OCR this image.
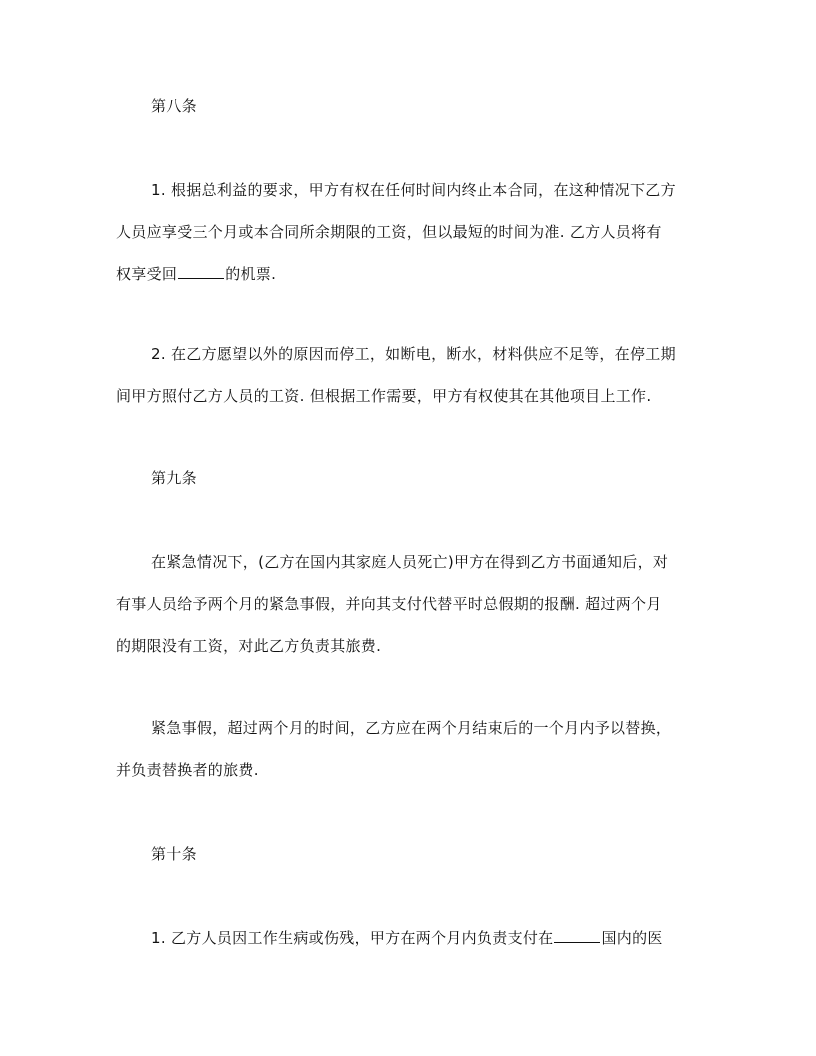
第八条
1. 根据总利益的要求，甲方有权在任何时间内终止本合同，在这种情况下乙方
人员应享受三个月或本合同所余期限的工资，但以最短的时间为准. 乙方人员将有
权享受回	的机票.
2. 在乙方愿望以外的原因而停工，如断电，断水，材料供应不足等，在停工期
间甲方照付乙方人员的工资. 但根据工作需要，甲方有权使其在其他项目上工作.
第九条
在紧急情况下，(乙方在国内其家庭人员死亡)甲方在得到乙方书面通知后，对
有事人员给予两个月的紧急事假，并向其支付代替平时总假期的报酬. 超过两个月
的期限没有工资，对此乙方负责其旅费.
紧急事假，超过两个月的时间，乙方应在两个月结束后的一个月内予以替换，
并负责替换者的旅费.
第十条
1. 乙方人员因工作生病或伤残，甲方在两个月内负责支付在	国内的医
